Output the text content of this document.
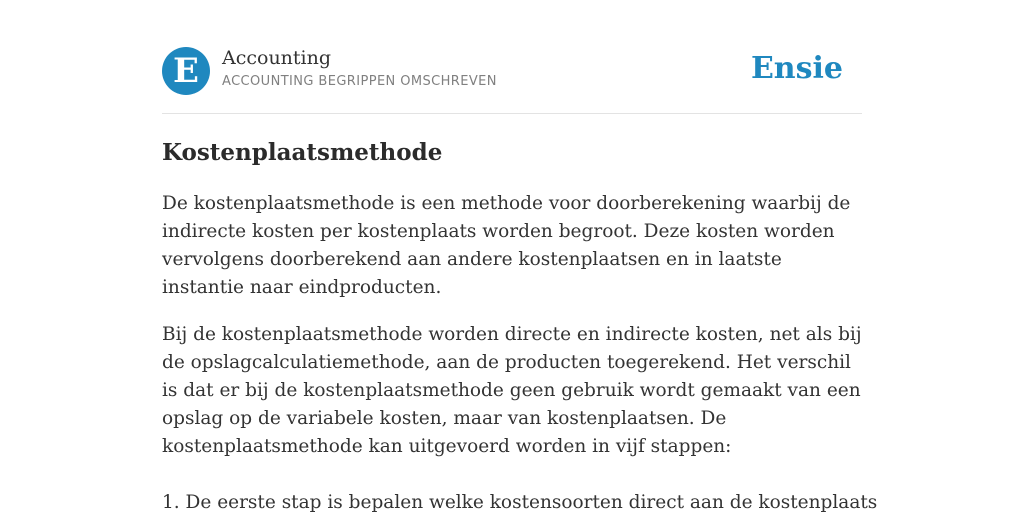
E	Accounting
ACCOUNTING BEGRIPPEN OMSCHREVEN	Ensie
Kostenplaatsmethode

De kostenplaatsmethode is een methode voor doorberekening waarbij de indirecte kosten per kostenplaats worden begroot. Deze kosten worden vervolgens doorberekend aan andere kostenplaatsen en in laatste instantie naar eindproducten.

Bij de kostenplaatsmethode worden directe en indirecte kosten, net als bij de opslagcalculatiemethode, aan de producten toegerekend. Het verschil is dat er bij de kostenplaatsmethode geen gebruik wordt gemaakt van een opslag op de variabele kosten, maar van kostenplaatsen. De kostenplaatsmethode kan uitgevoerd worden in vijf stappen:

1. De eerste stap is bepalen welke kostensoorten direct aan de kostenplaats
